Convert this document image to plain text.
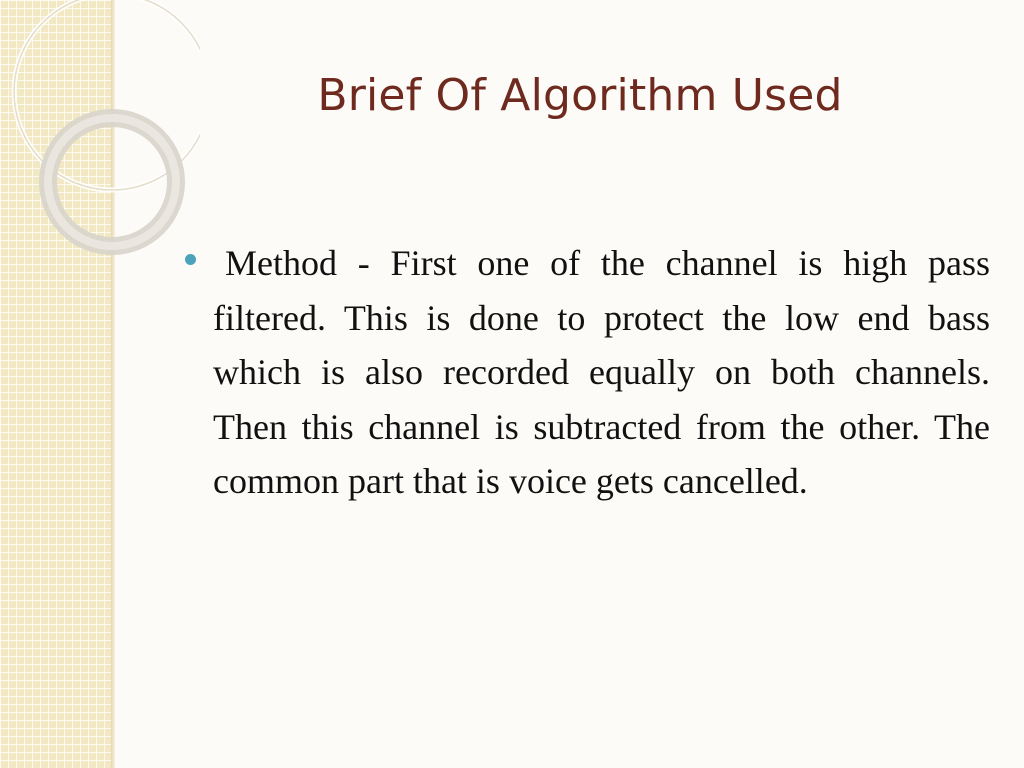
Brief Of Algorithm Used

Method - First one of the channel is high pass filtered. This is done to protect the low end bass which is also recorded equally on both channels. Then this channel is subtracted from the other. The common part that is voice gets cancelled.
